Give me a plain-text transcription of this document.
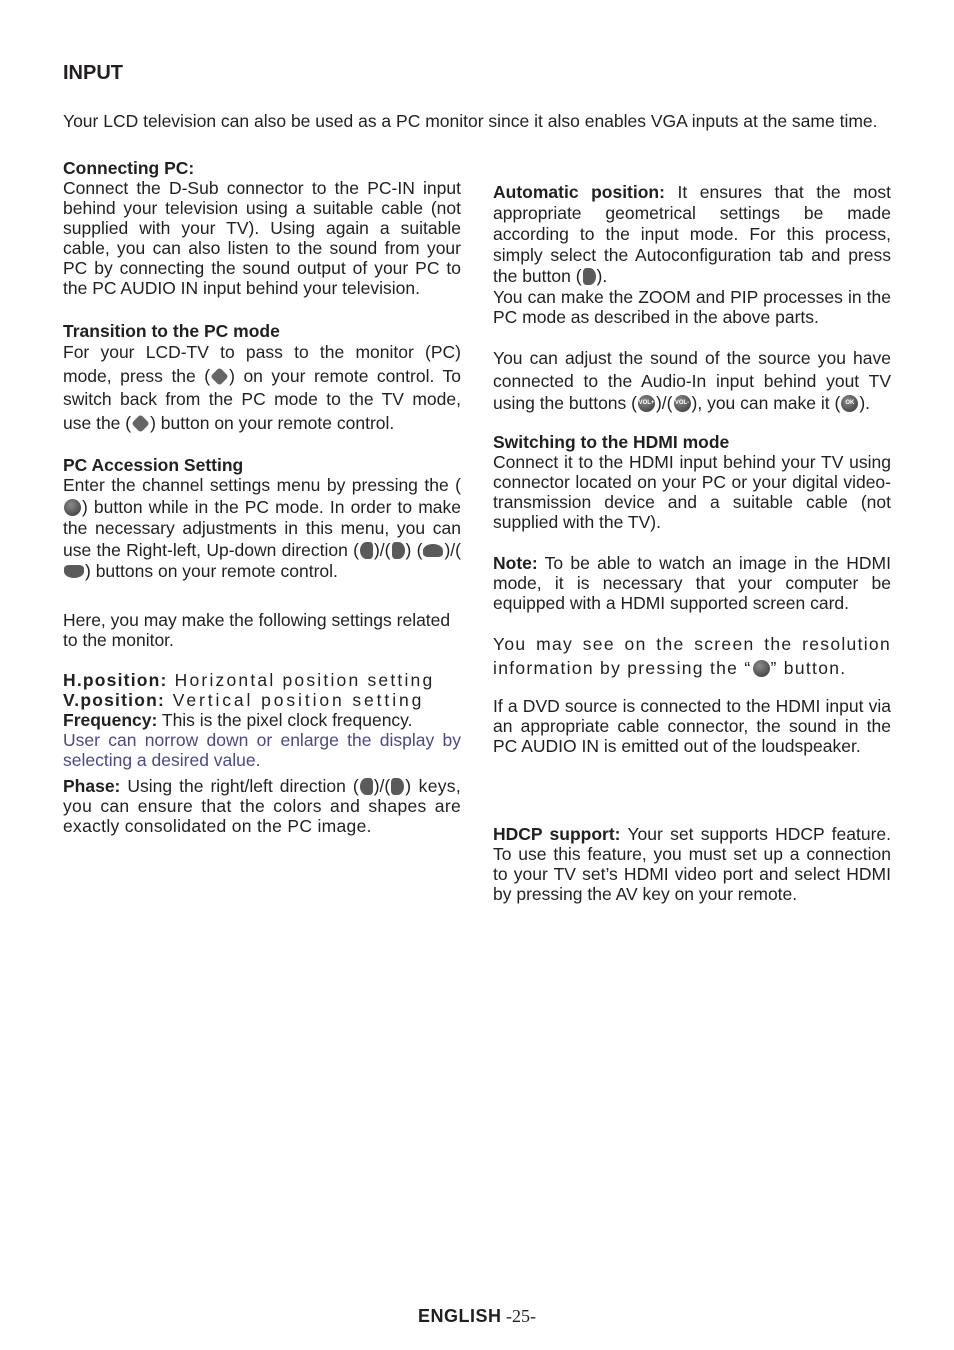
INPUT

Your LCD television can also be used as a PC monitor since it also enables VGA inputs at the same time.

Connecting PC:
Connect the D-Sub connector to the PC-IN input behind your television using a suitable cable (not supplied with your TV). Using again a suitable cable, you can also listen to the sound from your PC by connecting the sound output of your PC to the PC AUDIO IN input behind your television.

Transition to the PC mode
For your LCD-TV to pass to the monitor (PC) mode, press the ( ) on your remote control. To switch back from the PC mode to the TV mode, use the ( ) button on your remote control.

PC Accession Setting
Enter the channel settings menu by pressing the () button while in the PC mode. In order to make the necessary adjustments in this menu, you can use the Right-left, Up-down direction ( )/( ) ( )/() buttons on your remote control.

Here, you may make the following settings related to the monitor.

H.position: Horizontal position setting
V.position: Vertical position setting
Frequency: This is the pixel clock frequency.
User can norrow down or enlarge the display by selecting a desired value.

Phase: Using the right/left direction ( )/( ) keys, you can ensure that the colors and shapes are exactly consolidated on the PC image.

Automatic position: It ensures that the most appropriate geometrical settings be made according to the input mode. For this process, simply select the Autoconfiguration tab and press the button ( ).

You can make the ZOOM and PIP processes in the PC mode as described in the above parts.

You can adjust the sound of the source you have connected to the Audio-In input behind yout TV using the buttons ( VOL+)/( VOL- ), you can make it ( OK ).

Switching to the HDMI mode
Connect it to the HDMI input behind your TV using connector located on your PC or your digital video-transmission device and a suitable cable (not supplied with the TV).

Note: To be able to watch an image in the HDMI mode, it is necessary that your computer be equipped with a HDMI supported screen card.

You may see on the screen the resolution information by pressing the “ ” button.

If a DVD source is connected to the HDMI input via an appropriate cable connector, the sound in the PC AUDIO IN is emitted out of the loudspeaker.

HDCP support: Your set supports HDCP feature. To use this feature, you must set up a connection to your TV set’s HDMI video port and select HDMI by pressing the AV key on your remote.

ENGLISH -25-
